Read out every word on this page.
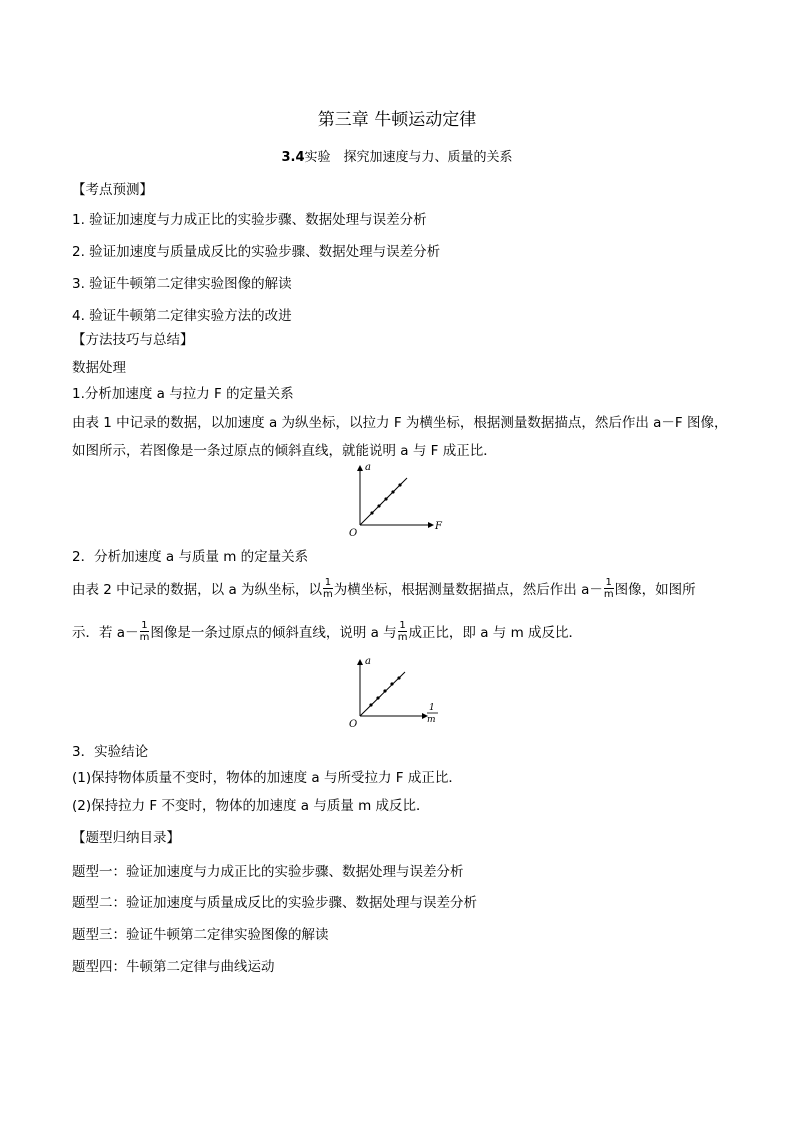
第三章 牛顿运动定律
3.4实验　探究加速度与力、质量的关系
【考点预测】
1. 验证加速度与力成正比的实验步骤、数据处理与误差分析
2. 验证加速度与质量成反比的实验步骤、数据处理与误差分析
3. 验证牛顿第二定律实验图像的解读
4. 验证牛顿第二定律实验方法的改进
【方法技巧与总结】
数据处理
1.分析加速度 a 与拉力 F 的定量关系
由表 1 中记录的数据，以加速度 a 为纵坐标，以拉力 F 为横坐标，根据测量数据描点，然后作出 a－F 图像，
如图所示，若图像是一条过原点的倾斜直线，就能说明 a 与 F 成正比．
a
F
O
2．分析加速度 a 与质量 m 的定量关系
由表 2 中记录的数据，以 a 为纵坐标，以 $\frac{1}{m}$ 为横坐标，根据测量数据描点，然后作出 $a- \frac{1}{m}$ 图像，如图所
示．若 $a- \frac{1}{m}$ 图像是一条过原点的倾斜直线，说明 a 与 $\frac{1}{m}$ 成正比，即 a 与 m 成反比．
a
1
m
O
3．实验结论
(1)保持物体质量不变时，物体的加速度 a 与所受拉力 F 成正比．
(2)保持拉力 F 不变时，物体的加速度 a 与质量 m 成反比．
【题型归纳目录】
题型一：验证加速度与力成正比的实验步骤、数据处理与误差分析
题型二：验证加速度与质量成反比的实验步骤、数据处理与误差分析
题型三：验证牛顿第二定律实验图像的解读
题型四：牛顿第二定律与曲线运动
